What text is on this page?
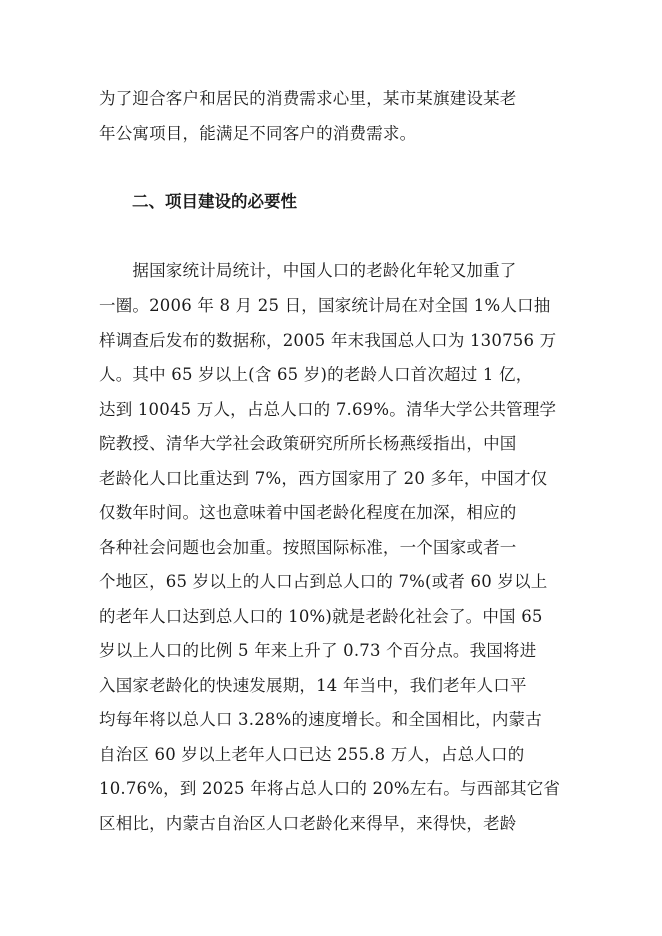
为了迎合客户和居民的消费需求心里，某市某旗建设某老
年公寓项目，能满足不同客户的消费需求。
二、项目建设的必要性
　　据国家统计局统计，中国人口的老龄化年轮又加重了
一圈。2006 年 8 月 25 日，国家统计局在对全国 1%人口抽
样调查后发布的数据称，2005 年末我国总人口为 130756 万
人。其中 65 岁以上(含 65 岁)的老龄人口首次超过 1 亿，
达到 10045 万人，占总人口的 7.69%。清华大学公共管理学
院教授、清华大学社会政策研究所所长杨燕绥指出，中国
老龄化人口比重达到 7%，西方国家用了 20 多年，中国才仅
仅数年时间。这也意味着中国老龄化程度在加深，相应的
各种社会问题也会加重。按照国际标准，一个国家或者一
个地区，65 岁以上的人口占到总人口的 7%(或者 60 岁以上
的老年人口达到总人口的 10%)就是老龄化社会了。中国 65
岁以上人口的比例 5 年来上升了 0.73 个百分点。我国将进
入国家老龄化的快速发展期，14 年当中，我们老年人口平
均每年将以总人口 3.28%的速度增长。和全国相比，内蒙古
自治区 60 岁以上老年人口已达 255.8 万人，占总人口的
10.76%，到 2025 年将占总人口的 20%左右。与西部其它省
区相比，内蒙古自治区人口老龄化来得早，来得快，老龄
